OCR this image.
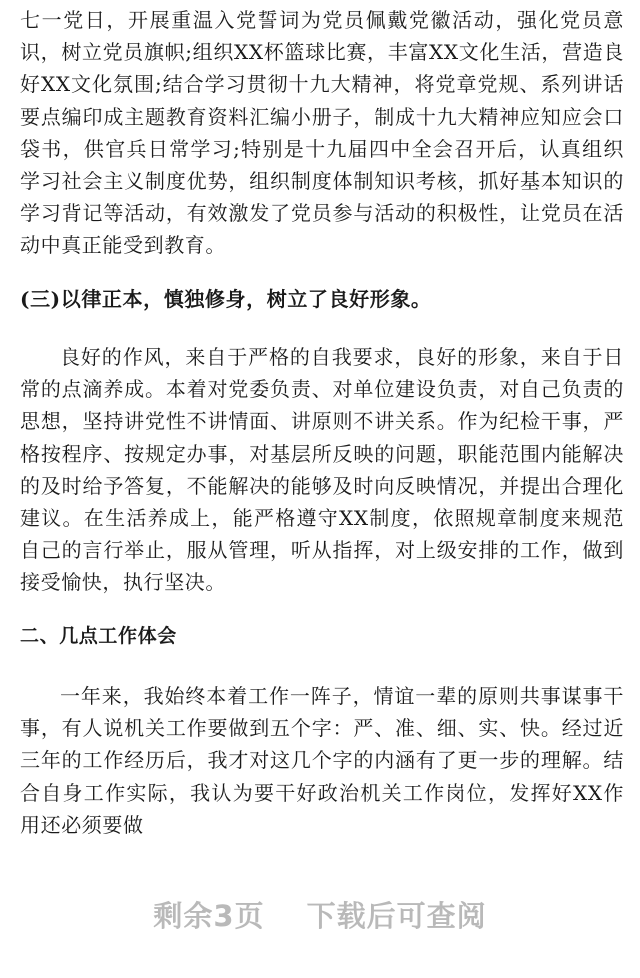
七一党日，开展重温入党誓词为党员佩戴党徽活动，强化党员意识，树立党员旗帜;组织XX杯篮球比赛，丰富XX文化生活，营造良好XX文化氛围;结合学习贯彻十九大精神，将党章党规、系列讲话要点编印成主题教育资料汇编小册子，制成十九大精神应知应会口袋书，供官兵日常学习;特别是十九届四中全会召开后，认真组织学习社会主义制度优势，组织制度体制知识考核，抓好基本知识的学习背记等活动，有效激发了党员参与活动的积极性，让党员在活动中真正能受到教育。

(三)以律正本，慎独修身，树立了良好形象。

良好的作风，来自于严格的自我要求，良好的形象，来自于日常的点滴养成。本着对党委负责、对单位建设负责，对自己负责的思想，坚持讲党性不讲情面、讲原则不讲关系。作为纪检干事，严格按程序、按规定办事，对基层所反映的问题，职能范围内能解决的及时给予答复，不能解决的能够及时向反映情况，并提出合理化建议。在生活养成上，能严格遵守XX制度，依照规章制度来规范自己的言行举止，服从管理，听从指挥，对上级安排的工作，做到接受愉快，执行坚决。

二、几点工作体会

一年来，我始终本着工作一阵子，情谊一辈的原则共事谋事干事，有人说机关工作要做到五个字：严、准、细、实、快。经过近三年的工作经历后，我才对这几个字的内涵有了更一步的理解。结合自身工作实际，我认为要干好政治机关工作岗位，发挥好XX作用还必须要做

剩余3页 下载后可查阅
